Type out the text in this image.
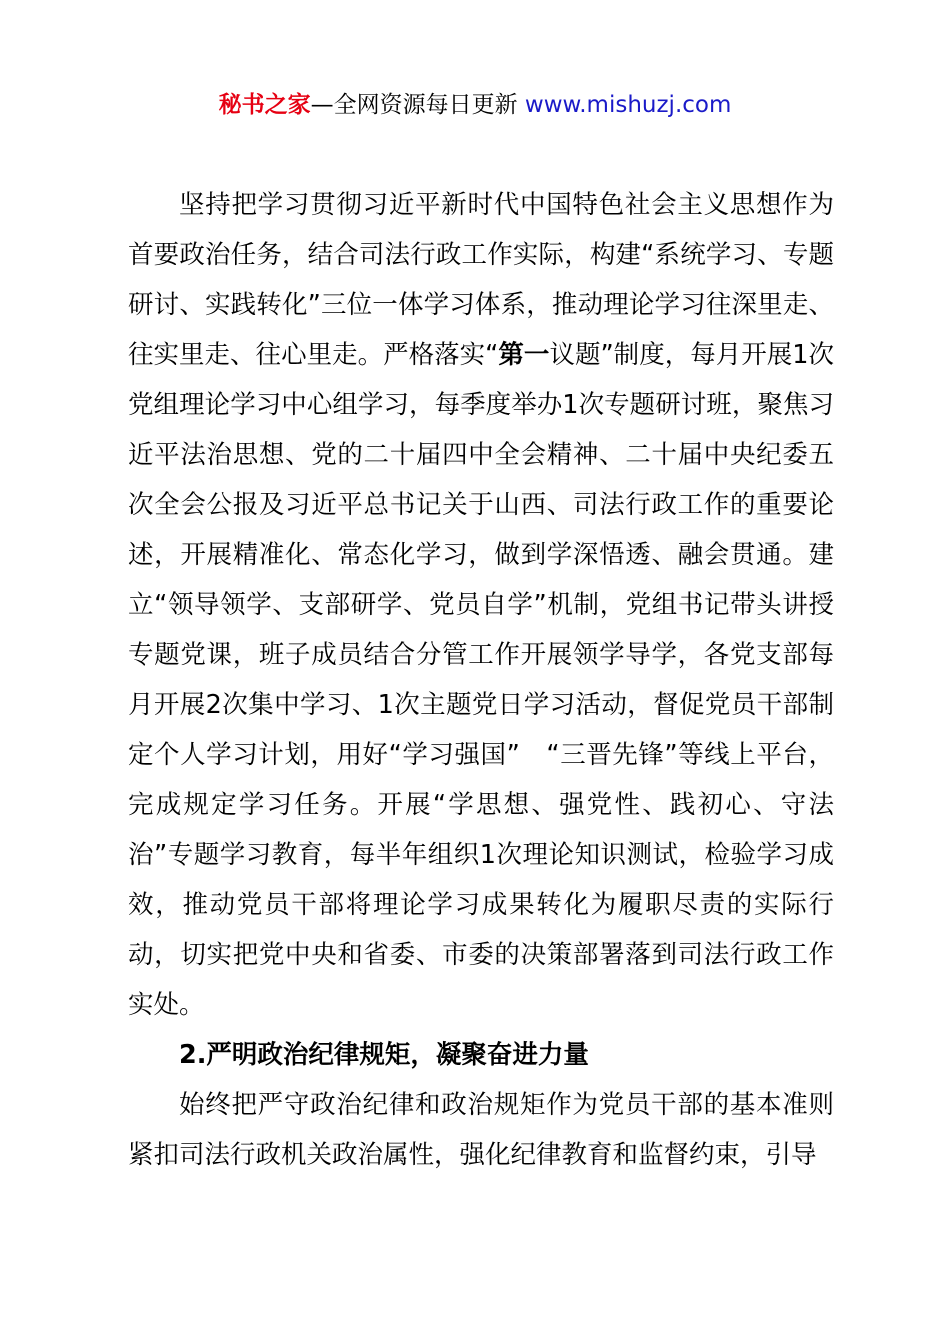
秘书之家—全网资源每日更新 www.mishuzj.com

坚持把学习贯彻习近平新时代中国特色社会主义思想作为首要政治任务，结合司法行政工作实际，构建“系统学习、专题研讨、实践转化”三位一体学习体系，推动理论学习往深里走、往实里走、往心里走。严格落实“第一议题”制度，每月开展1次党组理论学习中心组学习，每季度举办1次专题研讨班，聚焦习近平法治思想、党的二十届四中全会精神、二十届中央纪委五次全会公报及习近平总书记关于山西、司法行政工作的重要论述，开展精准化、常态化学习，做到学深悟透、融会贯通。建立“领导领学、支部研学、党员自学”机制，党组书记带头讲授专题党课，班子成员结合分管工作开展领学导学，各党支部每月开展2次集中学习、1次主题党日学习活动，督促党员干部制定个人学习计划，用好“学习强国”　“三晋先锋”等线上平台，完成规定学习任务。开展“学思想、强党性、践初心、守法治”专题学习教育，每半年组织1次理论知识测试，检验学习成效，推动党员干部将理论学习成果转化为履职尽责的实际行动，切实把党中央和省委、市委的决策部署落到司法行政工作实处。

2.严明政治纪律规矩，凝聚奋进力量

始终把严守政治纪律和政治规矩作为党员干部的基本准则紧扣司法行政机关政治属性，强化纪律教育和监督约束，引导
